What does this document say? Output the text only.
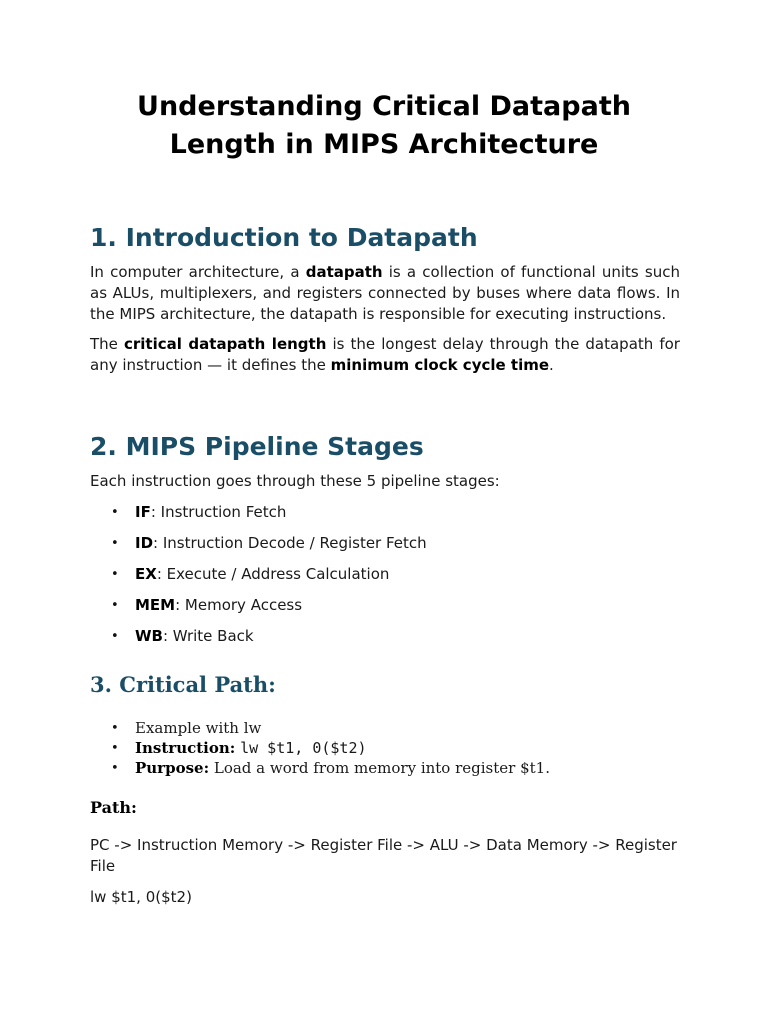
Understanding Critical Datapath Length in MIPS Architecture
1. Introduction to Datapath

In computer architecture, a datapath is a collection of functional units such as ALUs, multiplexers, and registers connected by buses where data flows. In the MIPS architecture, the datapath is responsible for executing instructions.

The critical datapath length is the longest delay through the datapath for any instruction — it defines the minimum clock cycle time.

2. MIPS Pipeline Stages

Each instruction goes through these 5 pipeline stages:

• IF: Instruction Fetch
• ID: Instruction Decode / Register Fetch
• EX: Execute / Address Calculation
• MEM: Memory Access
• WB: Write Back
3. Critical Path:
• Example with lw
• Instruction: lw $t1, 0($t2)
• Purpose: Load a word from memory into register $t1.

Path:

PC -> Instruction Memory -> Register File -> ALU -> Data Memory -> Register File

lw $t1, 0($t2)
